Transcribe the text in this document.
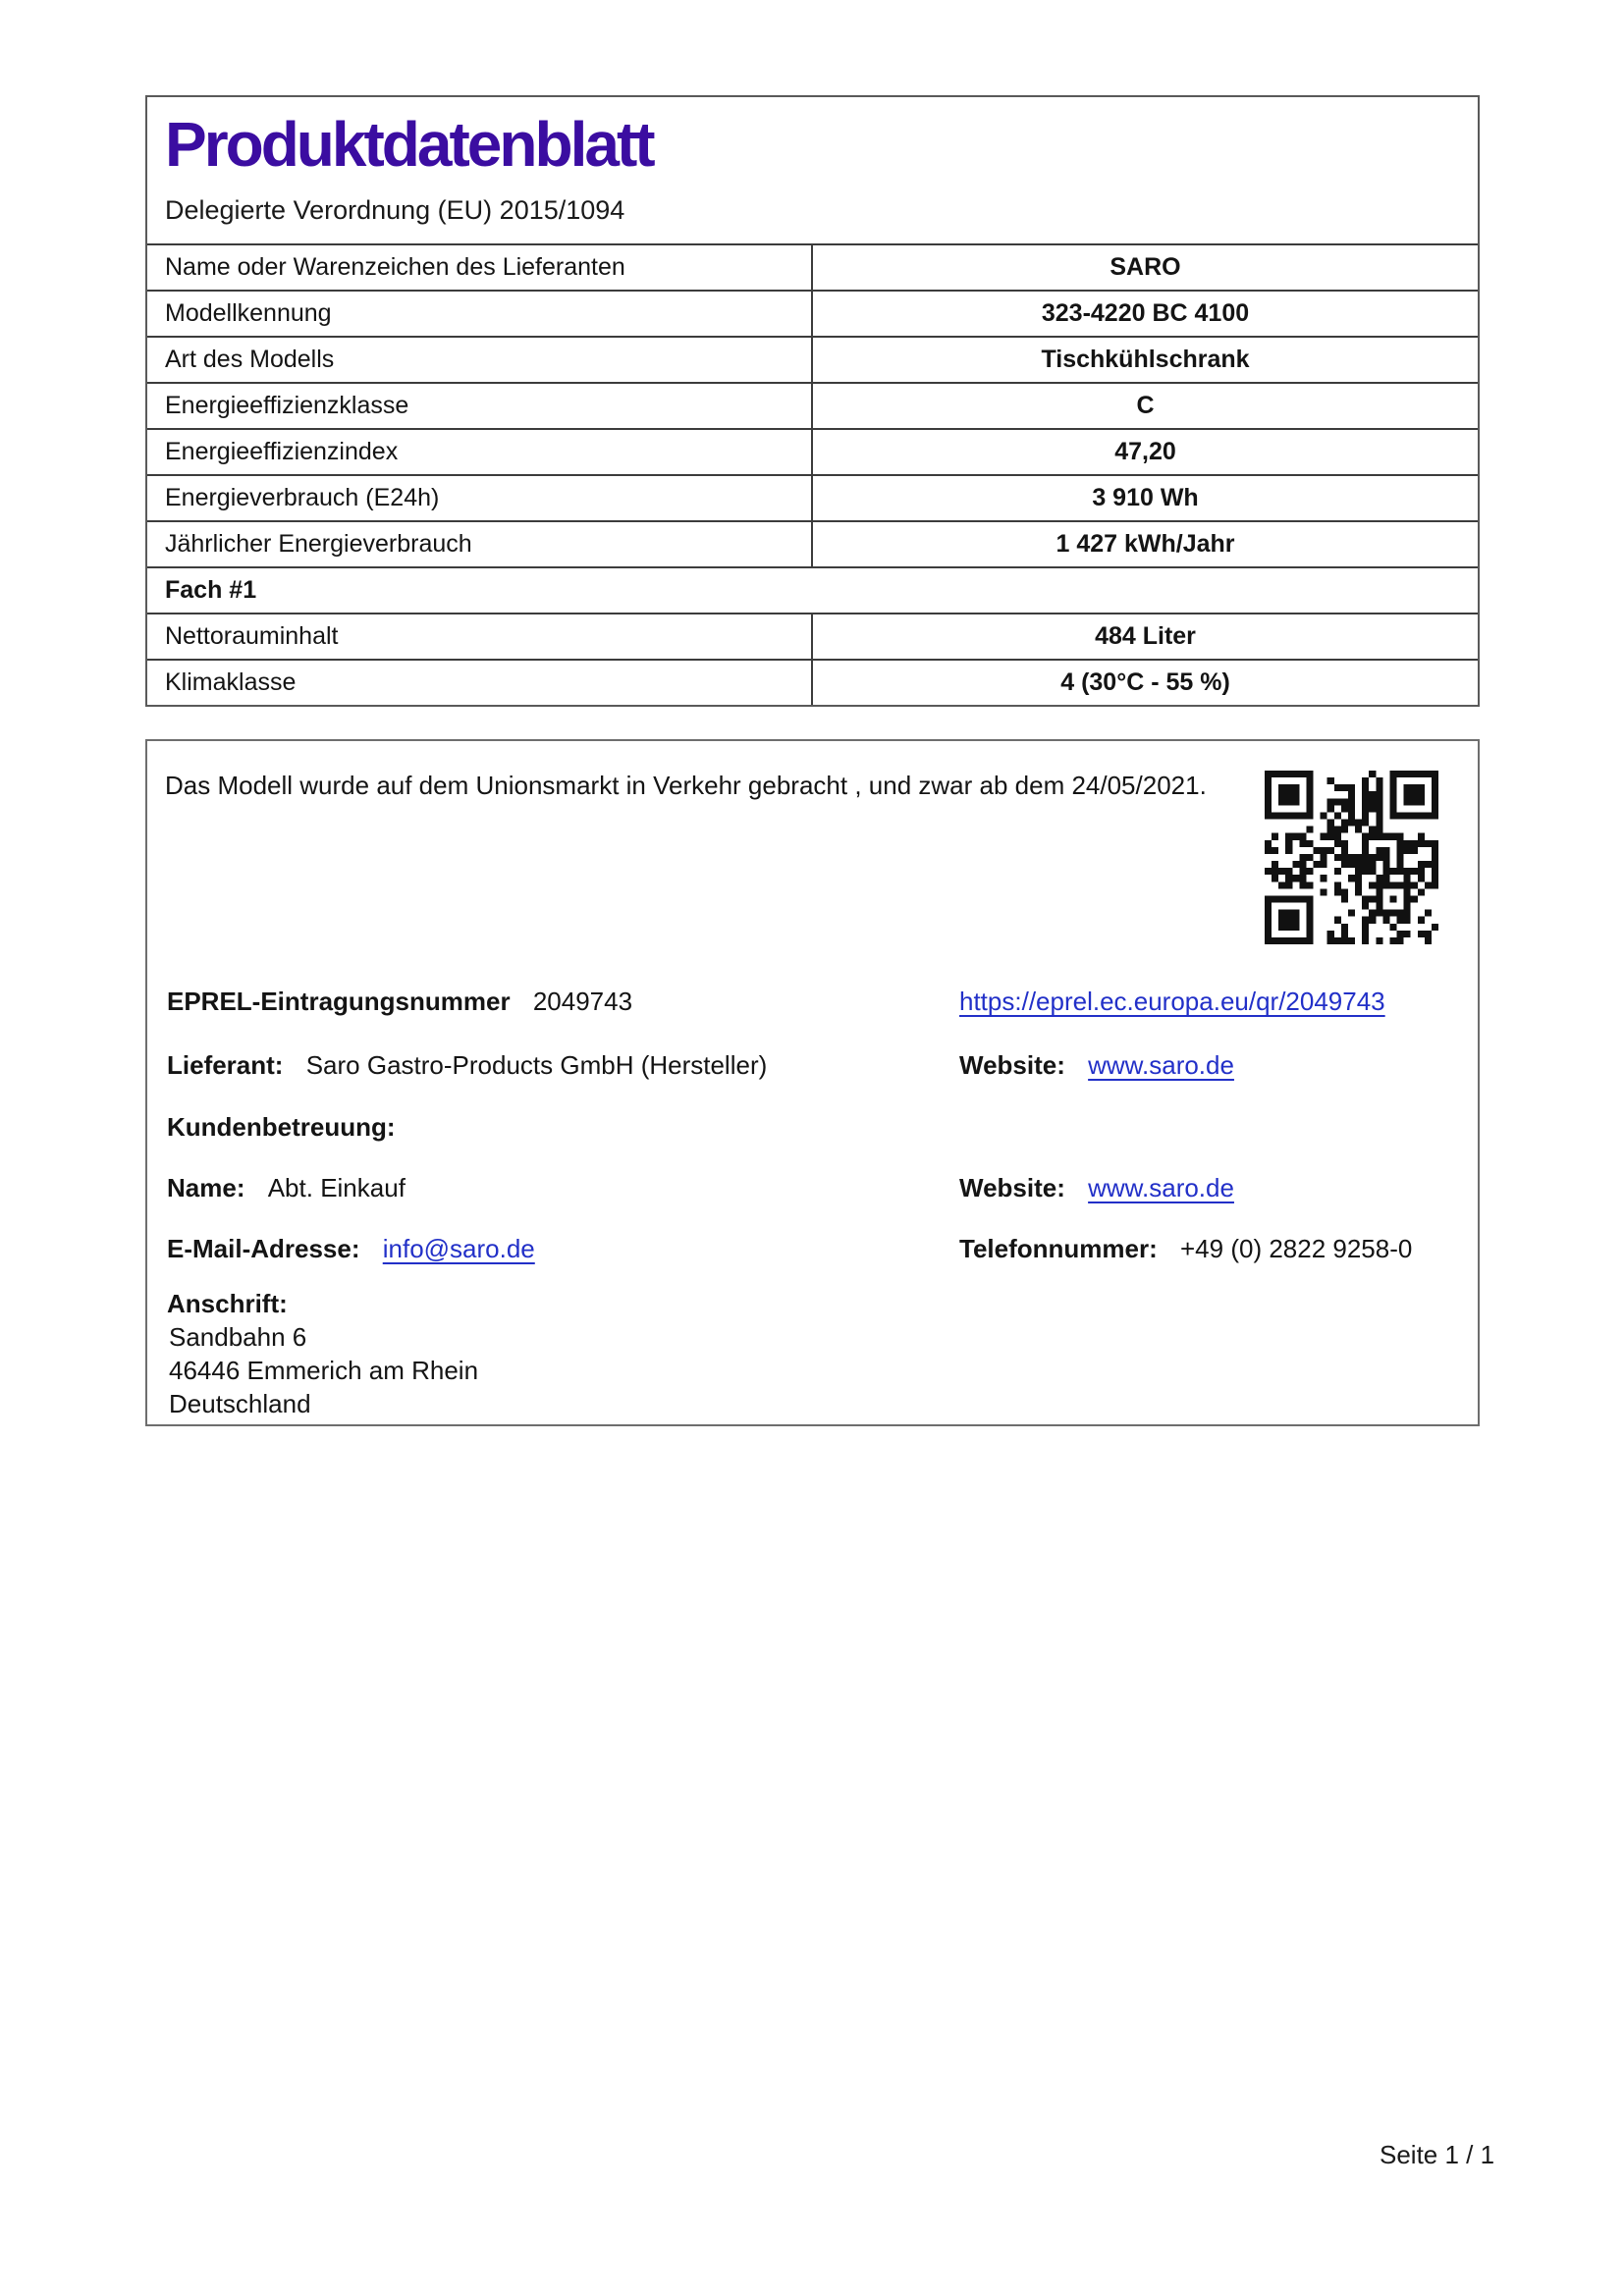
Produktdatenblatt
Delegierte Verordnung (EU) 2015/1094
Name oder Warenzeichen des Lieferanten	SARO
Modellkennung	323-4220 BC 4100
Art des Modells	Tischkühlschrank
Energieeffizienzklasse	C
Energieeffizienzindex	47,20
Energieverbrauch (E24h)	3 910 Wh
Jährlicher Energieverbrauch	1 427 kWh/Jahr
Fach #1
Nettorauminhalt	484 Liter
Klimaklasse	4 (30°C - 55 %)
Das Modell wurde auf dem Unionsmarkt in Verkehr gebracht , und zwar ab dem 24/05/2021.
EPREL-Eintragungsnummer 2049743	https://eprel.ec.europa.eu/qr/2049743
Lieferant: Saro Gastro-Products GmbH (Hersteller)	Website: www.saro.de
Kundenbetreuung:
Name: Abt. Einkauf	Website: www.saro.de
E-Mail-Adresse: info@saro.de	Telefonnummer: +49 (0) 2822 9258-0
Anschrift:
Sandbahn 6
46446 Emmerich am Rhein
Deutschland
Seite 1 / 1
